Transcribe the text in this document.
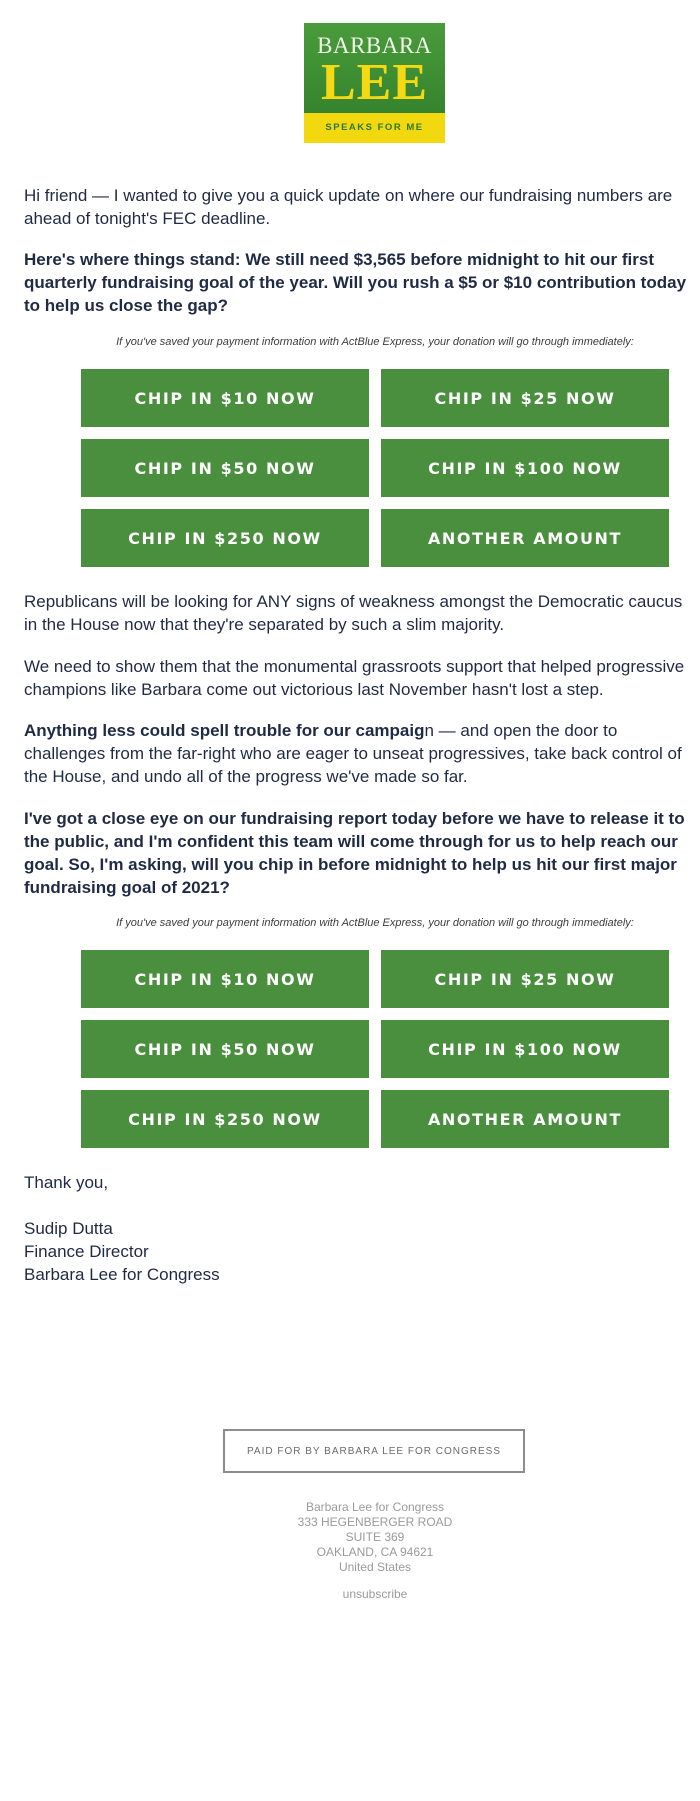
BARBARA
LEE
SPEAKS FOR ME
Hi friend — I wanted to give you a quick update on where our fundraising numbers are
ahead of tonight's FEC deadline.
Here's where things stand: We still need $3,565 before midnight to hit our first
quarterly fundraising goal of the year. Will you rush a $5 or $10 contribution today
to help us close the gap?
If you've saved your payment information with ActBlue Express, your donation will go through immediately:
CHIP IN $10 NOW	CHIP IN $25 NOW
CHIP IN $50 NOW	CHIP IN $100 NOW
CHIP IN $250 NOW	ANOTHER AMOUNT
Republicans will be looking for ANY signs of weakness amongst the Democratic caucus
in the House now that they're separated by such a slim majority.
We need to show them that the monumental grassroots support that helped progressive
champions like Barbara come out victorious last November hasn't lost a step.
Anything less could spell trouble for our campaign — and open the door to
challenges from the far-right who are eager to unseat progressives, take back control of
the House, and undo all of the progress we've made so far.
I've got a close eye on our fundraising report today before we have to release it to
the public, and I'm confident this team will come through for us to help reach our
goal. So, I'm asking, will you chip in before midnight to help us hit our first major
fundraising goal of 2021?
If you've saved your payment information with ActBlue Express, your donation will go through immediately:
CHIP IN $10 NOW	CHIP IN $25 NOW
CHIP IN $50 NOW	CHIP IN $100 NOW
CHIP IN $250 NOW	ANOTHER AMOUNT
Thank you,
Sudip Dutta
Finance Director
Barbara Lee for Congress
PAID FOR BY BARBARA LEE FOR CONGRESS
Barbara Lee for Congress
333 HEGENBERGER ROAD
SUITE 369
OAKLAND, CA 94621
United States
unsubscribe
